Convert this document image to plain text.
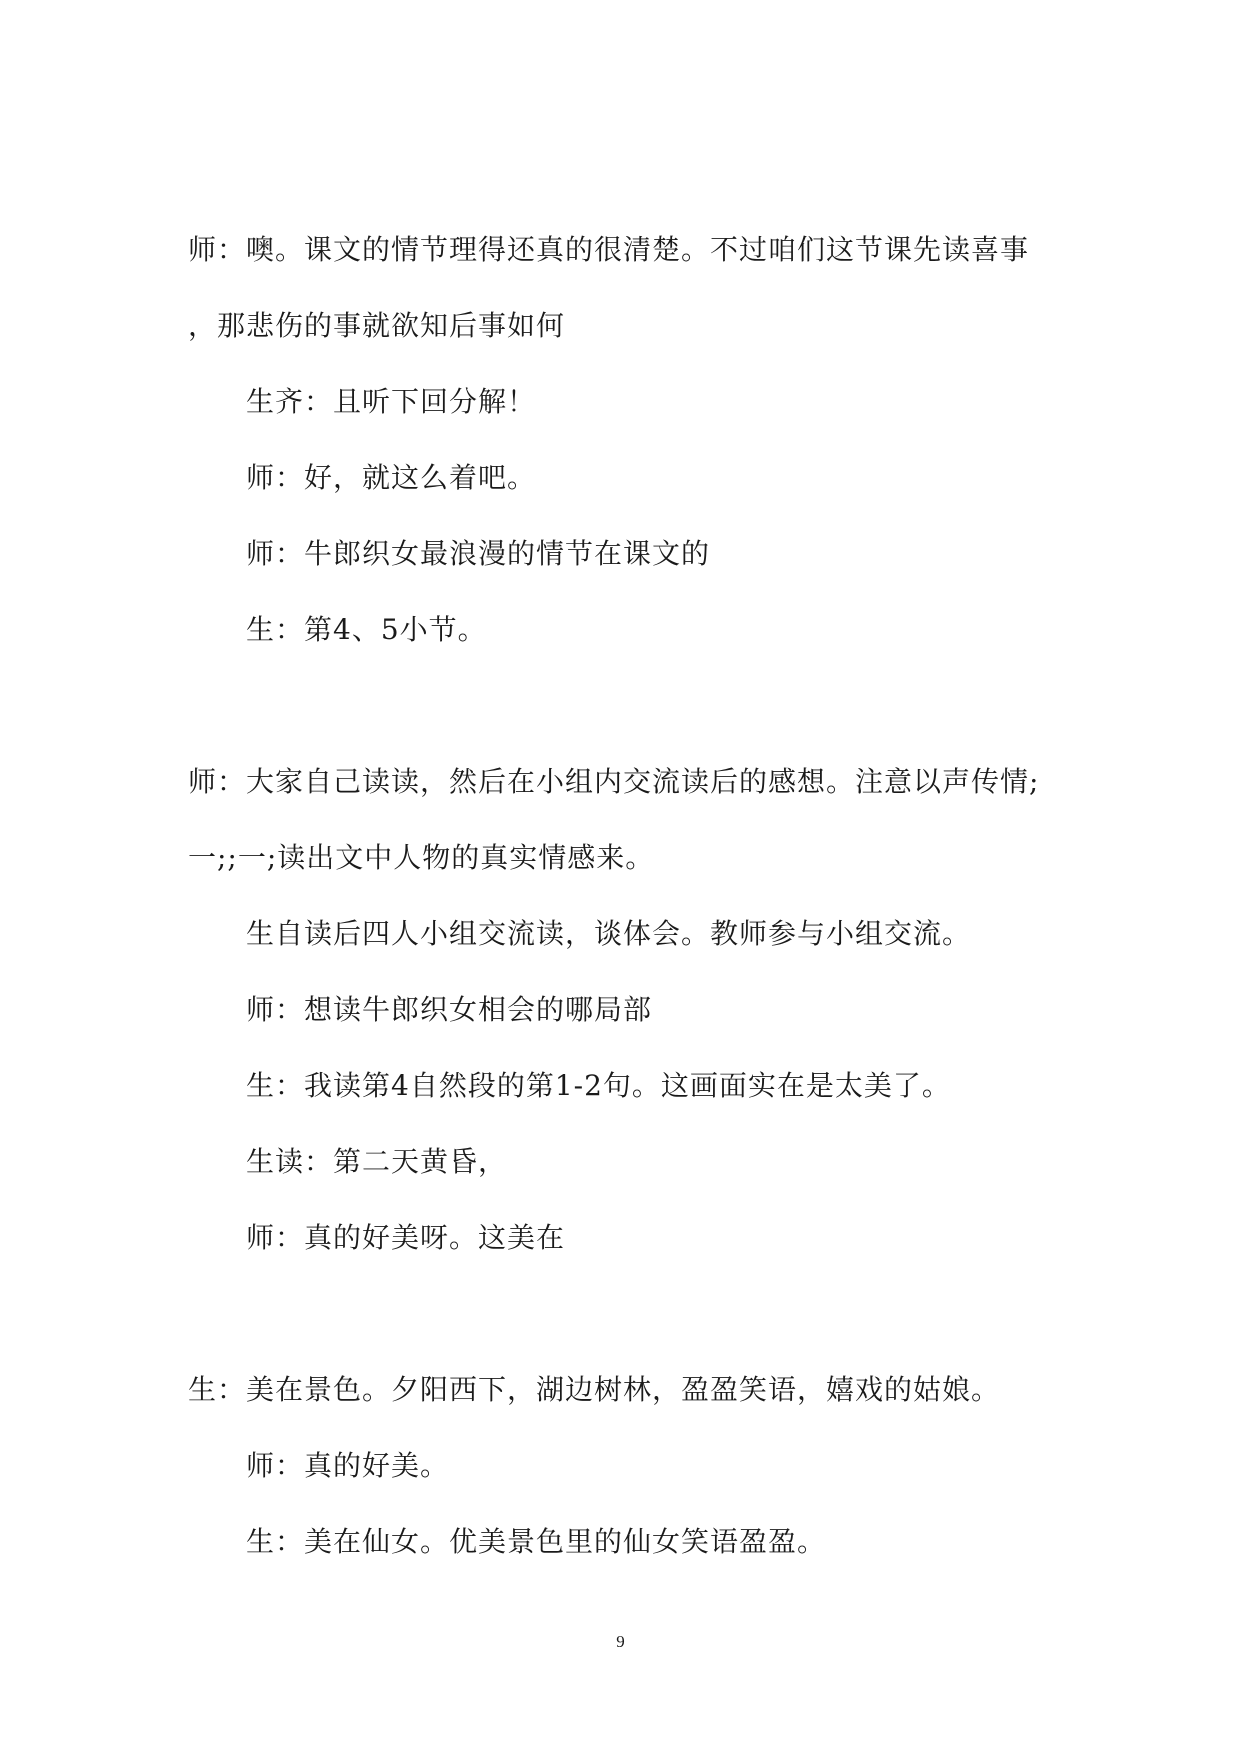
师：噢。课文的情节理得还真的很清楚。不过咱们这节课先读喜事
，那悲伤的事就欲知后事如何
生齐：且听下回分解！
师：好，就这么着吧。
师：牛郎织女最浪漫的情节在课文的
生：第4、5小节。
师：大家自己读读，然后在小组内交流读后的感想。注意以声传情;
一;;一;读出文中人物的真实情感来。
生自读后四人小组交流读，谈体会。教师参与小组交流。
师：想读牛郎织女相会的哪局部
生：我读第4自然段的第1-2句。这画面实在是太美了。
生读：第二天黄昏，
师：真的好美呀。这美在
生：美在景色。夕阳西下，湖边树林，盈盈笑语，嬉戏的姑娘。
师：真的好美。
生：美在仙女。优美景色里的仙女笑语盈盈。
9
